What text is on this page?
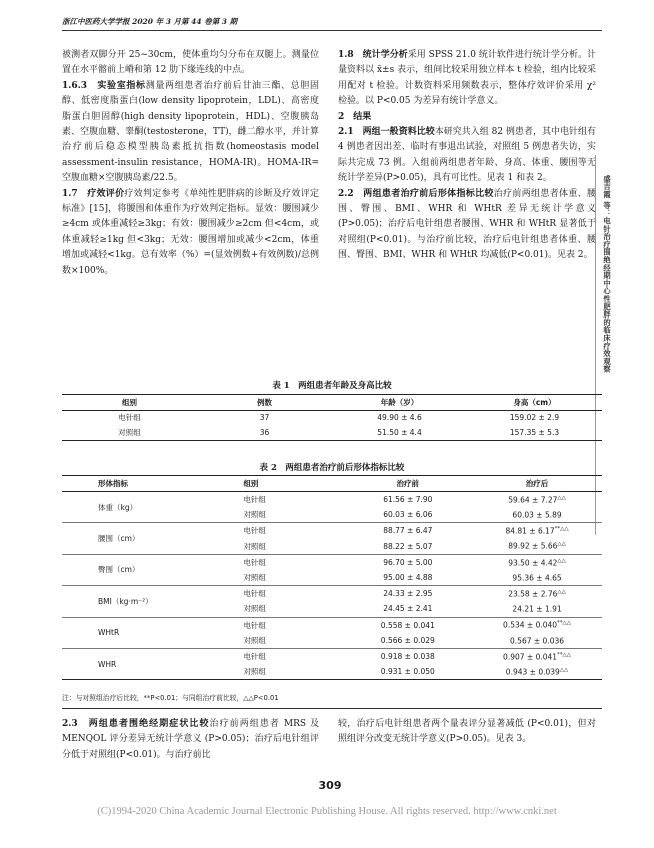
浙江中医药大学学报 2020 年 3 月第 44 卷第 3 期

被测者双脚分开 25~30cm，使体重均匀分布在双腿上。测量位置在水平髂前上嵴和第 12 肋下缘连线的中点。

1.6.3　实验室指标测量两组患者治疗前后甘油三酯、总胆固醇、低密度脂蛋白(low density lipoprotein，LDL)、高密度脂蛋白胆固醇(high density lipoprotein，HDL)、空腹胰岛素、空腹血糖、睾酮(testosterone，TT)，雌二醇水平，并计算治疗前后稳态模型胰岛素抵抗指数(homeostasis model assessment-insulin resistance，HOMA-IR)。HOMA-IR=空腹血糖×空腹胰岛素/22.5。

1.7　疗效评价疗效判定参考《单纯性肥胖病的诊断及疗效评定标准》[15]，将腰围和体重作为疗效判定指标。显效：腰围减少≥4cm 或体重减轻≥3kg；有效：腰围减少≥2cm 但<4cm，或体重减轻≥1kg 但<3kg；无效：腰围增加或减少<2cm，体重增加或减轻<1kg。总有效率（%）=(显效例数+有效例数)/总例数×100%。

1.8　统计学分析采用 SPSS 21.0 统计软件进行统计学分析。计量资料以 x̄±s 表示，组间比较采用独立样本 t 检验，组内比较采用配对 t 检验。计数资料采用频数表示，整体疗效评价采用 χ² 检验。以 P<0.05 为差异有统计学意义。

2　结果

2.1　两组一般资料比较本研究共入组 82 例患者，其中电针组有 4 例患者因出差、临时有事退出试验，对照组 5 例患者失访，实际共完成 73 例。入组前两组患者年龄、身高、体重、腰围等无统计学差异(P>0.05)，具有可比性。见表 1 和表 2。

2.2　两组患者治疗前后形体指标比较治疗前两组患者体重、腰围、臀围、BMI、WHR 和 WHtR 差异无统计学意义(P>0.05)；治疗后电针组患者腰围、WHR 和 WHtR 显著低于对照组(P<0.01)。与治疗前比较，治疗后电针组患者体重、腰围、臀围、BMI、WHR 和 WHtR 均减低(P<0.01)。见表 2。	盛吉霞 等：电针治疗围绝经期中心性肥胖的临床疗效观察
表 1　两组患者年龄及身高比较
组别	例数	年龄（岁）	身高（cm）
电针组	37	49.90 ± 4.6	159.02 ± 2.9
对照组	36	51.50 ± 4.4	157.35 ± 5.3
表 2　两组患者治疗前后形体指标比较
形体指标	组别	治疗前	治疗后
体重（kg）	电针组	61.56 ± 7.90	59.64 ± 7.27△△
	对照组	60.03 ± 6.06	60.03 ± 5.89
腰围（cm）	电针组	88.77 ± 6.47	84.81 ± 6.17**△△
	对照组	88.22 ± 5.07	89.92 ± 5.66△△
臀围（cm）	电针组	96.70 ± 5.00	93.50 ± 4.42△△
	对照组	95.00 ± 4.88	95.36 ± 4.65
BMI（kg·m⁻²）	电针组	24.33 ± 2.95	23.58 ± 2.76△△
	对照组	24.45 ± 2.41	24.21 ± 1.91
WHtR	电针组	0.558 ± 0.041	0.534 ± 0.040**△△
	对照组	0.566 ± 0.029	0.567 ± 0.036
WHR	电针组	0.918 ± 0.038	0.907 ± 0.041**△△
	对照组	0.931 ± 0.050	0.943 ± 0.039△△
注：与对照组治疗后比较，**P<0.01；与同组治疗前比较，△△P<0.01
2.3　两组患者围绝经期症状比较治疗前两组患者 MRS 及 MENQOL 评分差异无统计学意义 (P>0.05)；治疗后电针组评分低于对照组(P<0.01)。与治疗前比
较，治疗后电针组患者两个量表评分显著减低 (P<0.01)，但对照组评分改变无统计学意义(P>0.05)。见表 3。
309
(C)1994-2020 China Academic Journal Electronic Publishing House. All rights reserved. http://www.cnki.net
